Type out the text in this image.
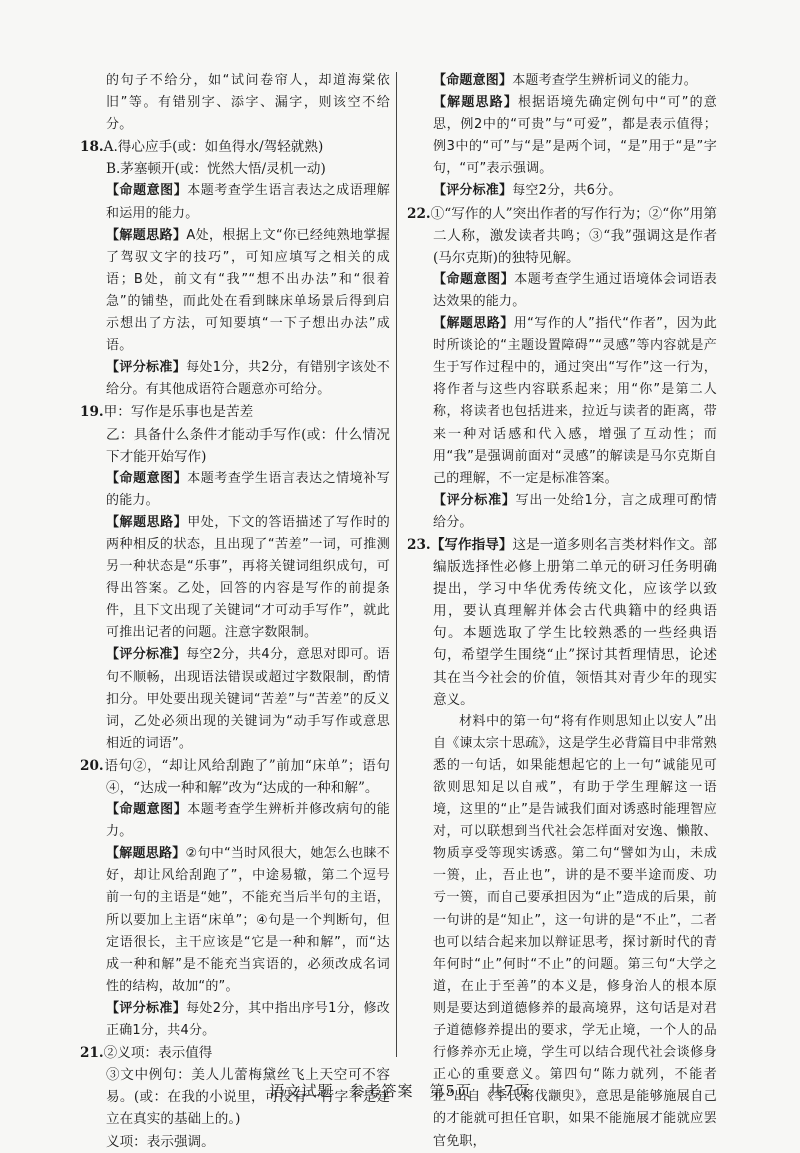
的句子不给分，如“试问卷帘人，却道海棠依旧”等。有错别字、添字、漏字，则该空不给分。
18.A.得心应手(或：如鱼得水/驾轻就熟)
B.茅塞顿开(或：恍然大悟/灵机一动)
【命题意图】本题考查学生语言表达之成语理解和运用的能力。
【解题思路】A处，根据上文“你已经纯熟地掌握了驾驭文字的技巧”，可知应填写之相关的成语；B处，前文有“我”“想不出办法”和“很着急”的铺垫，而此处在看到睐床单场景后得到启示想出了方法，可知要填“一下子想出办法”成语。
【评分标准】每处1分，共2分，有错别字该处不给分。有其他成语符合题意亦可给分。
19.甲：写作是乐事也是苦差
乙：具备什么条件才能动手写作(或：什么情况下才能开始写作)
【命题意图】本题考查学生语言表达之情境补写的能力。
【解题思路】甲处，下文的答语描述了写作时的两种相反的状态，且出现了“苦差”一词，可推测另一种状态是“乐事”，再将关键词组织成句，可得出答案。乙处，回答的内容是写作的前提条件，且下文出现了关键词“才可动手写作”，就此可推出记者的问题。注意字数限制。
【评分标准】每空2分，共4分，意思对即可。语句不顺畅，出现语法错误或超过字数限制，酌情扣分。甲处要出现关键词“苦差”与“苦差”的反义词，乙处必须出现的关键词为“动手写作或意思相近的词语”。
20.语句②，“却让风给刮跑了”前加“床单”；语句④，“达成一种和解”改为“达成的一种和解”。
【命题意图】本题考查学生辨析并修改病句的能力。
【解题思路】②句中“当时风很大，她怎么也睐不好，却让风给刮跑了”，中途易辙，第二个逗号前一句的主语是“她”，不能充当后半句的主语，所以要加上主语“床单”；④句是一个判断句，但定语很长，主干应该是“它是一种和解”，而“达成一种和解”是不能充当宾语的，必须改成名词性的结构，故加“的”。
【评分标准】每处2分，其中指出序号1分，修改正确1分，共4分。
21.②义项：表示值得
③文中例句：美人儿蕾梅黛丝飞上天空可不容易。(或：在我的小说里，可没有一行字不是建立在真实的基础上的。)
义项：表示强调。
【命题意图】本题考查学生辨析词义的能力。
【解题思路】根据语境先确定例句中“可”的意思，例2中的“可贵”与“可爱”，都是表示值得；例3中的“可”与“是”是两个词，“是”用于“是”字句，“可”表示强调。
【评分标准】每空2分，共6分。
22.①“写作的人”突出作者的写作行为；②“你”用第二人称，激发读者共鸣；③“我”强调这是作者(马尔克斯)的独特见解。
【命题意图】本题考查学生通过语境体会词语表达效果的能力。
【解题思路】用“写作的人”指代“作者”，因为此时所谈论的“主题设置障碍”“灵感”等内容就是产生于写作过程中的，通过突出“写作”这一行为，将作者与这些内容联系起来；用“你”是第二人称，将读者也包括进来，拉近与读者的距离，带来一种对话感和代入感，增强了互动性；而用“我”是强调前面对“灵感”的解读是马尔克斯自己的理解，不一定是标准答案。
【评分标准】写出一处给1分，言之成理可酌情给分。
23.【写作指导】这是一道多则名言类材料作文。部编版选择性必修上册第二单元的研习任务明确提出，学习中华优秀传统文化，应该学以致用，要认真理解并体会古代典籍中的经典语句。本题选取了学生比较熟悉的一些经典语句，希望学生围绕“止”探讨其哲理情思，论述其在当今社会的价值，领悟其对青少年的现实意义。
材料中的第一句“将有作则思知止以安人”出自《谏太宗十思疏》，这是学生必背篇目中非常熟悉的一句话，如果能想起它的上一句“诚能见可欲则思知足以自戒”，有助于学生理解这一语境，这里的“止”是告诫我们面对诱惑时能理智应对，可以联想到当代社会怎样面对安逸、懒散、物质享受等现实诱惑。第二句“譬如为山，未成一篑，止，吾止也”，讲的是不要半途而废、功亏一篑，而自己要承担因为“止”造成的后果，前一句讲的是“知止”，这一句讲的是“不止”，二者也可以结合起来加以辩证思考，探讨新时代的青年何时“止”何时“不止”的问题。第三句“大学之道，在止于至善”的本义是，修身治人的根本原则是要达到道德修养的最高境界，这句话是对君子道德修养提出的要求，学无止境，一个人的品行修养亦无止境，学生可以结合现代社会谈修身正心的重要意义。第四句“陈力就列，不能者止”出自《季氏将伐颛臾》，意思是能够施展自己的才能就可担任官职，如果不能施展才能就应罢官免职，
语文试题　参考答案　第5页　共7页
